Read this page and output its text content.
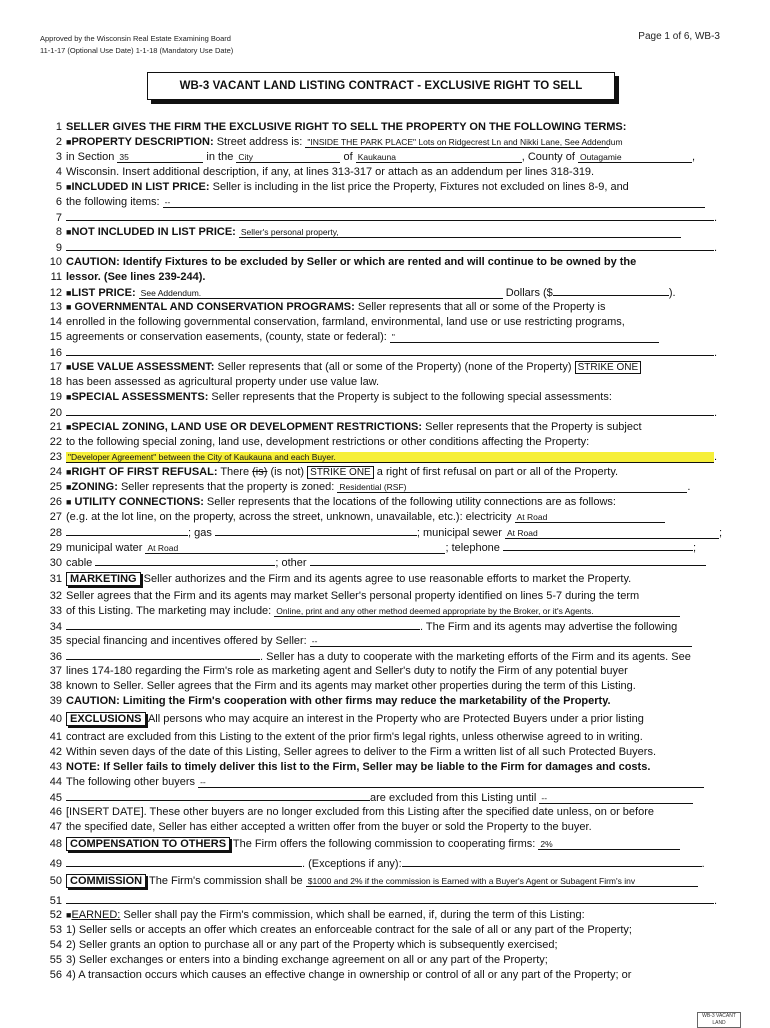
Approved by the Wisconsin Real Estate Examining Board
11-1-17 (Optional Use Date) 1-1-18 (Mandatory Use Date)
Page 1 of 6, WB-3
WB-3 VACANT LAND LISTING CONTRACT - EXCLUSIVE RIGHT TO SELL
1 SELLER GIVES THE FIRM THE EXCLUSIVE RIGHT TO SELL THE PROPERTY ON THE FOLLOWING TERMS:
2 ■PROPERTY DESCRIPTION: Street address is: "INSIDE THE PARK PLACE" Lots on Ridgecrest Ln and Nikki Lane, See Addendum
3 in Section 35	in the City	of Kaukauna	, County of Outagamie	,
4 Wisconsin. Insert additional description, if any, at lines 313-317 or attach as an addendum per lines 318-319.
5 ■INCLUDED IN LIST PRICE: Seller is including in the list price the Property, Fixtures not excluded on lines 8-9, and
6 the following items: --
7	.
8 ■NOT INCLUDED IN LIST PRICE: Seller's personal property,
9	.
10 CAUTION: Identify Fixtures to be excluded by Seller or which are rented and will continue to be owned by the
11 lessor. (See lines 239-244).
12 ■LIST PRICE: See Addendum.	Dollars ($	).
13 ■ GOVERNMENTAL AND CONSERVATION PROGRAMS: Seller represents that all or some of the Property is
14 enrolled in the following governmental conservation, farmland, environmental, land use or use restricting programs,
15 agreements or conservation easements, (county, state or federal): "
16	.
17 ■USE VALUE ASSESSMENT: Seller represents that (all or some of the Property) (none of the Property) STRIKE ONE
18 has been assessed as agricultural property under use value law.
19 ■SPECIAL ASSESSMENTS: Seller represents that the Property is subject to the following special assessments:
20	.
21 ■SPECIAL ZONING, LAND USE OR DEVELOPMENT RESTRICTIONS: Seller represents that the Property is subject
22 to the following special zoning, land use, development restrictions or other conditions affecting the Property:
23 "Developer Agreement" between the City of Kaukauna and each Buyer.	.
24 ■RIGHT OF FIRST REFUSAL: There (is) (is not) STRIKE ONE a right of first refusal on part or all of the Property.
25 ■ZONING: Seller represents that the property is zoned: Residential (RSF)	.
26 ■ UTILITY CONNECTIONS: Seller represents that the locations of the following utility connections are as follows:
27 (e.g. at the lot line, on the property, across the street, unknown, unavailable, etc.): electricity At Road
28	; gas	; municipal sewer At Road	;
29 municipal water At Road	; telephone	;
30 cable	; other
31 MARKETING Seller authorizes and the Firm and its agents agree to use reasonable efforts to market the Property.
32 Seller agrees that the Firm and its agents may market Seller's personal property identified on lines 5-7 during the term
33 of this Listing. The marketing may include: Online, print and any other method deemed appropriate by the Broker, or it's Agents.
34	. The Firm and its agents may advertise the following
35 special financing and incentives offered by Seller: --
36	. Seller has a duty to cooperate with the marketing efforts of the Firm and its agents. See
37 lines 174-180 regarding the Firm's role as marketing agent and Seller's duty to notify the Firm of any potential buyer
38 known to Seller. Seller agrees that the Firm and its agents may market other properties during the term of this Listing.
39 CAUTION: Limiting the Firm's cooperation with other firms may reduce the marketability of the Property.
40 EXCLUSIONS All persons who may acquire an interest in the Property who are Protected Buyers under a prior listing
41 contract are excluded from this Listing to the extent of the prior firm's legal rights, unless otherwise agreed to in writing.
42 Within seven days of the date of this Listing, Seller agrees to deliver to the Firm a written list of all such Protected Buyers.
43 NOTE: If Seller fails to timely deliver this list to the Firm, Seller may be liable to the Firm for damages and costs.
44 The following other buyers --
45	are excluded from this Listing until --
46 [INSERT DATE]. These other buyers are no longer excluded from this Listing after the specified date unless, on or before
47 the specified date, Seller has either accepted a written offer from the buyer or sold the Property to the buyer.
48 COMPENSATION TO OTHERS The Firm offers the following commission to cooperating firms: 2%
49	. (Exceptions if any):	.
50 COMMISSION The Firm's commission shall be $1000 and 2% if the commission is Earned with a Buyer's Agent or Subagent Firm's inv
51	.
52 ■EARNED: Seller shall pay the Firm's commission, which shall be earned, if, during the term of this Listing:
53 1) Seller sells or accepts an offer which creates an enforceable contract for the sale of all or any part of the Property;
54 2) Seller grants an option to purchase all or any part of the Property which is subsequently exercised;
55 3) Seller exchanges or enters into a binding exchange agreement on all or any part of the Property;
56 4) A transaction occurs which causes an effective change in ownership or control of all or any part of the Property; or
WB-3 VACANT LAND
